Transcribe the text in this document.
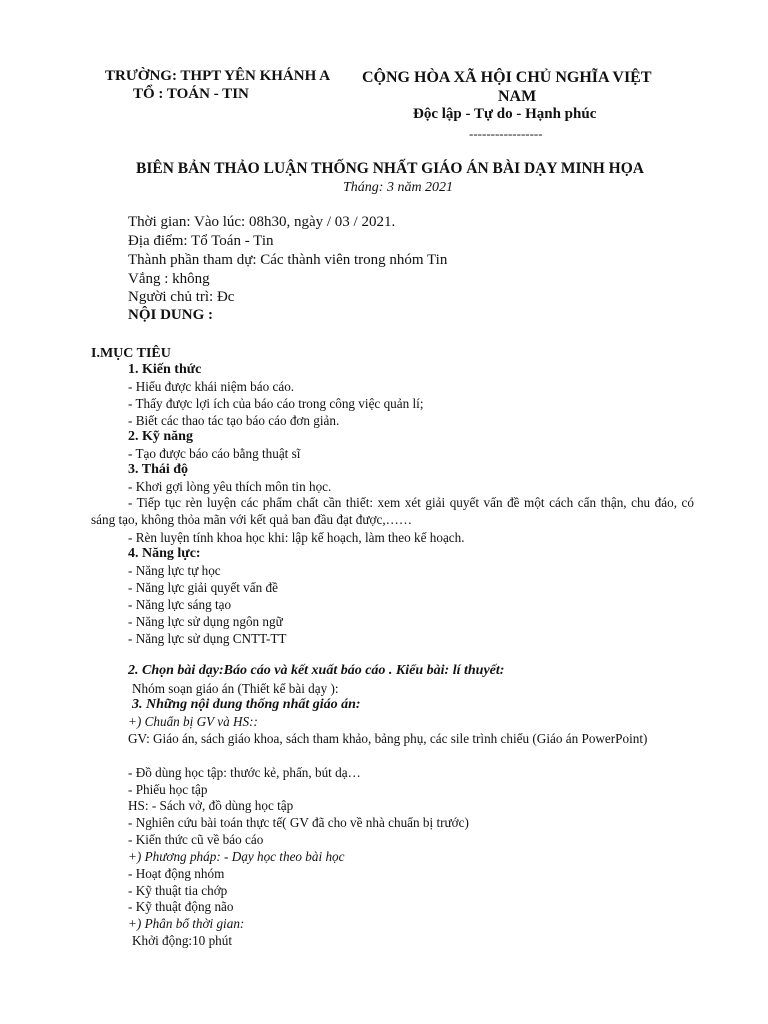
TRƯỜNG: THPT YÊN KHÁNH A
TỔ : TOÁN - TIN
CỘNG HÒA XÃ HỘI CHỦ NGHĨA VIỆT
NAM
Độc lập - Tự do - Hạnh phúc
-----------------
BIÊN BẢN THẢO LUẬN THỐNG NHẤT GIÁO ÁN BÀI DẠY MINH HỌA
Tháng: 3 năm 2021
Thời gian: Vào lúc: 08h30, ngày / 03 / 2021.
Địa điểm: Tổ Toán - Tin
Thành phần tham dự: Các thành viên trong nhóm Tin
Vắng : không
Người chủ trì: Đc
NỘI DUNG :
I.MỤC TIÊU
1. Kiến thức
- Hiểu được khái niệm báo cáo.
- Thấy được lợi ích của báo cáo trong công việc quản lí;
- Biết các thao tác tạo báo cáo đơn giản.
2. Kỹ năng
- Tạo được báo cáo bằng thuật sĩ
3. Thái độ
- Khơi gợi lòng yêu thích môn tin học.
- Tiếp tục rèn luyện các phẩm chất cần thiết: xem xét giải quyết vấn đề một cách cẩn thận, chu đáo, có sáng tạo, không thỏa mãn với kết quả ban đầu đạt được,……
- Rèn luyện tính khoa học khi: lập kế hoạch, làm theo kế hoạch.
4. Năng lực:
- Năng lực tự học
- Năng lực giải quyết vấn đề
- Năng lực sáng tạo
- Năng lực sử dụng ngôn ngữ
- Năng lực sử dụng CNTT-TT
2. Chọn bài dạy:Báo cáo và kết xuất báo cáo . Kiểu bài: lí thuyết:
Nhóm soạn giáo án (Thiết kế bài dạy ):
3. Những nội dung thống nhất giáo án:
+) Chuẩn bị GV và HS::
GV: Giáo án, sách giáo khoa, sách tham khảo, bảng phụ, các sile trình chiếu (Giáo án PowerPoint)
- Đồ dùng học tập: thước kẻ, phấn, bút dạ…
- Phiếu học tập
HS: - Sách vở, đồ dùng học tập
- Nghiên cứu bài toán thực tế( GV đã cho về nhà chuẩn bị trước)
- Kiến thức cũ về báo cáo
+) Phương pháp: - Dạy học theo bài học
- Hoạt động nhóm
- Kỹ thuật tia chớp
- Kỹ thuật động não
+) Phân bổ thời gian:
Khởi động:10 phút
